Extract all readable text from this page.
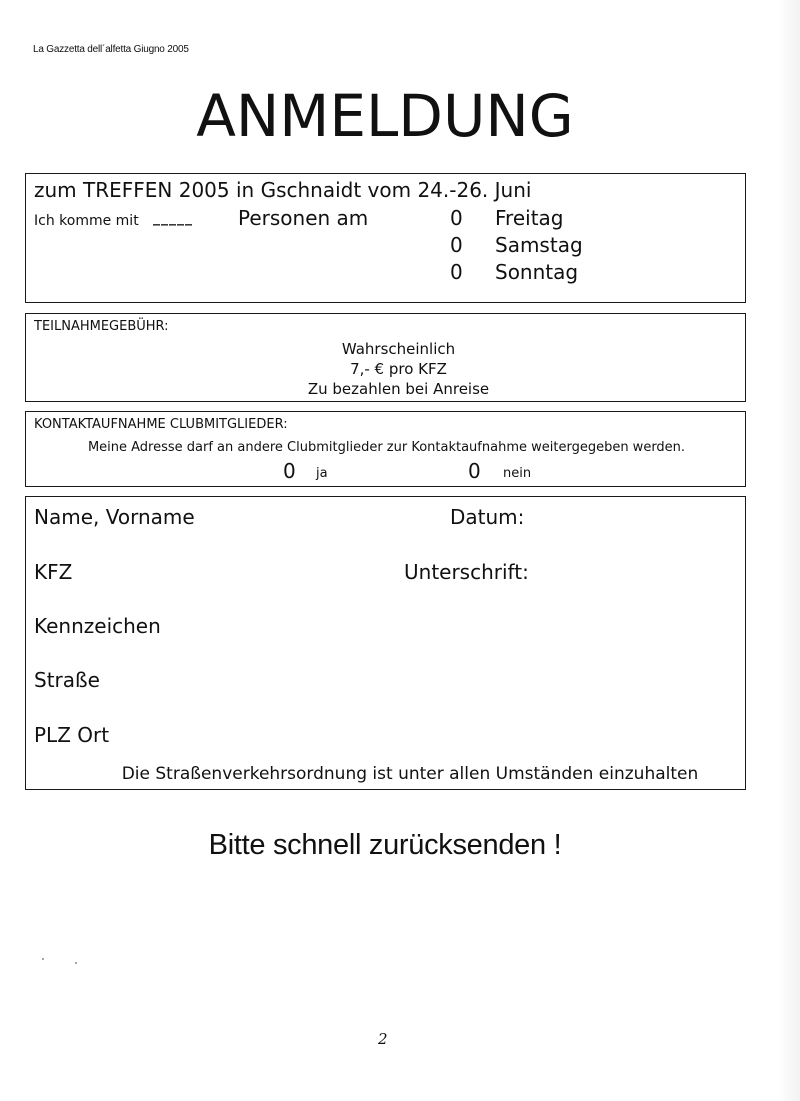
La Gazzetta dell´alfetta Giugno 2005
ANMELDUNG
zum TREFFEN 2005 in Gschnaidt vom 24.-26. Juni
Ich komme mit _____ Personen am	0 Freitag
0 Samstag
0 Sonntag
TEILNAHMEGEBÜHR:
Wahrscheinlich
7,- € pro KFZ
Zu bezahlen bei Anreise
KONTAKTAUFNAHME CLUBMITGLIEDER:
Meine Adresse darf an andere Clubmitglieder zur Kontaktaufnahme weitergegeben werden.
0 ja	0 nein
Name, Vorname	Datum:
KFZ	Unterschrift:
Kennzeichen
Straße
PLZ Ort
Die Straßenverkehrsordnung ist unter allen Umständen einzuhalten
Bitte schnell zurücksenden !
2
